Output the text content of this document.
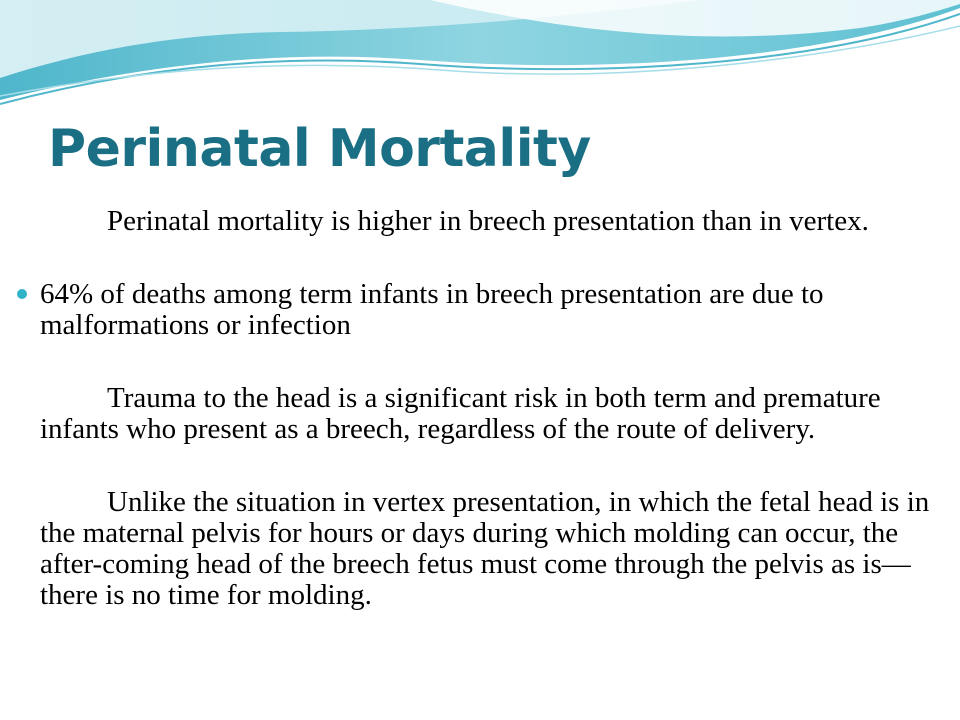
Perinatal Mortality

Perinatal mortality is higher in breech presentation than in vertex.

64% of deaths among term infants in breech presentation are due to malformations or infection

Trauma to the head is a significant risk in both term and premature infants who present as a breech, regardless of the route of delivery.

Unlike the situation in vertex presentation, in which the fetal head is in the maternal pelvis for hours or days during which molding can occur, the after-coming head of the breech fetus must come through the pelvis as is—there is no time for molding.
